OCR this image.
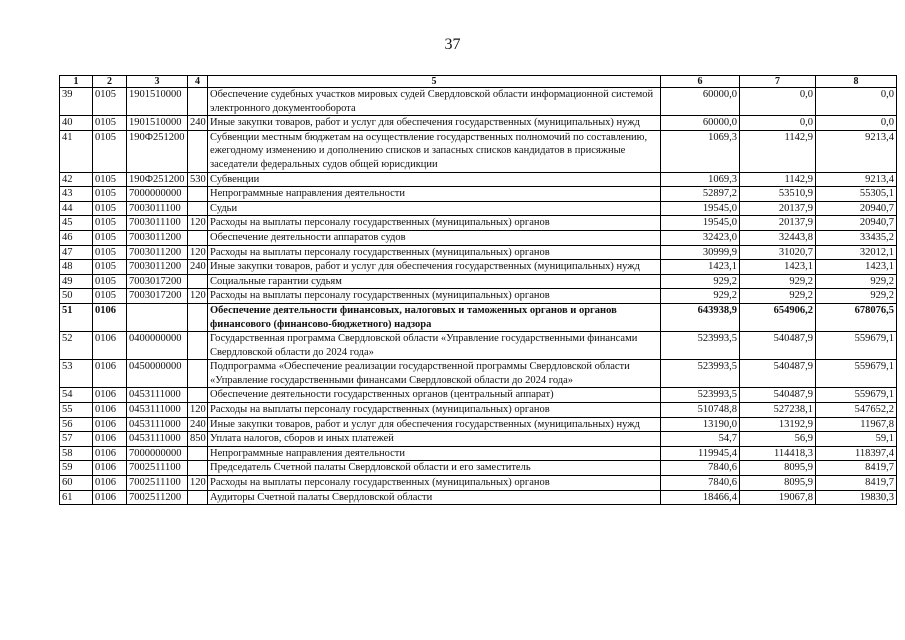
37
1	2	3	4	5	6	7	8
39	0105	1901510000		Обеспечение судебных участков мировых судей Свердловской области информационной системой электронного документооборота	60000,0	0,0	0,0
40	0105	1901510000	240	Иные закупки товаров, работ и услуг для обеспечения государственных (муниципальных) нужд	60000,0	0,0	0,0
41	0105	190Ф251200		Субвенции местным бюджетам на осуществление государственных полномочий по составлению, ежегодному изменению и дополнению списков и запасных списков кандидатов в присяжные заседатели федеральных судов общей юрисдикции	1069,3	1142,9	9213,4
42	0105	190Ф251200	530	Субвенции	1069,3	1142,9	9213,4
43	0105	7000000000		Непрограммные направления деятельности	52897,2	53510,9	55305,1
44	0105	7003011100		Судьи	19545,0	20137,9	20940,7
45	0105	7003011100	120	Расходы на выплаты персоналу государственных (муниципальных) органов	19545,0	20137,9	20940,7
46	0105	7003011200		Обеспечение деятельности аппаратов судов	32423,0	32443,8	33435,2
47	0105	7003011200	120	Расходы на выплаты персоналу государственных (муниципальных) органов	30999,9	31020,7	32012,1
48	0105	7003011200	240	Иные закупки товаров, работ и услуг для обеспечения государственных (муниципальных) нужд	1423,1	1423,1	1423,1
49	0105	7003017200		Социальные гарантии судьям	929,2	929,2	929,2
50	0105	7003017200	120	Расходы на выплаты персоналу государственных (муниципальных) органов	929,2	929,2	929,2
51	0106			Обеспечение деятельности финансовых, налоговых и таможенных органов и органов финансового (финансово-бюджетного) надзора	643938,9	654906,2	678076,5
52	0106	0400000000		Государственная программа Свердловской области «Управление государственными финансами Свердловской области до 2024 года»	523993,5	540487,9	559679,1
53	0106	0450000000		Подпрограмма «Обеспечение реализации государственной программы Свердловской области «Управление государственными финансами Свердловской области до 2024 года»	523993,5	540487,9	559679,1
54	0106	0453111000		Обеспечение деятельности государственных органов (центральный аппарат)	523993,5	540487,9	559679,1
55	0106	0453111000	120	Расходы на выплаты персоналу государственных (муниципальных) органов	510748,8	527238,1	547652,2
56	0106	0453111000	240	Иные закупки товаров, работ и услуг для обеспечения государственных (муниципальных) нужд	13190,0	13192,9	11967,8
57	0106	0453111000	850	Уплата налогов, сборов и иных платежей	54,7	56,9	59,1
58	0106	7000000000		Непрограммные направления деятельности	119945,4	114418,3	118397,4
59	0106	7002511100		Председатель Счетной палаты Свердловской области и его заместитель	7840,6	8095,9	8419,7
60	0106	7002511100	120	Расходы на выплаты персоналу государственных (муниципальных) органов	7840,6	8095,9	8419,7
61	0106	7002511200		Аудиторы Счетной палаты Свердловской области	18466,4	19067,8	19830,3
